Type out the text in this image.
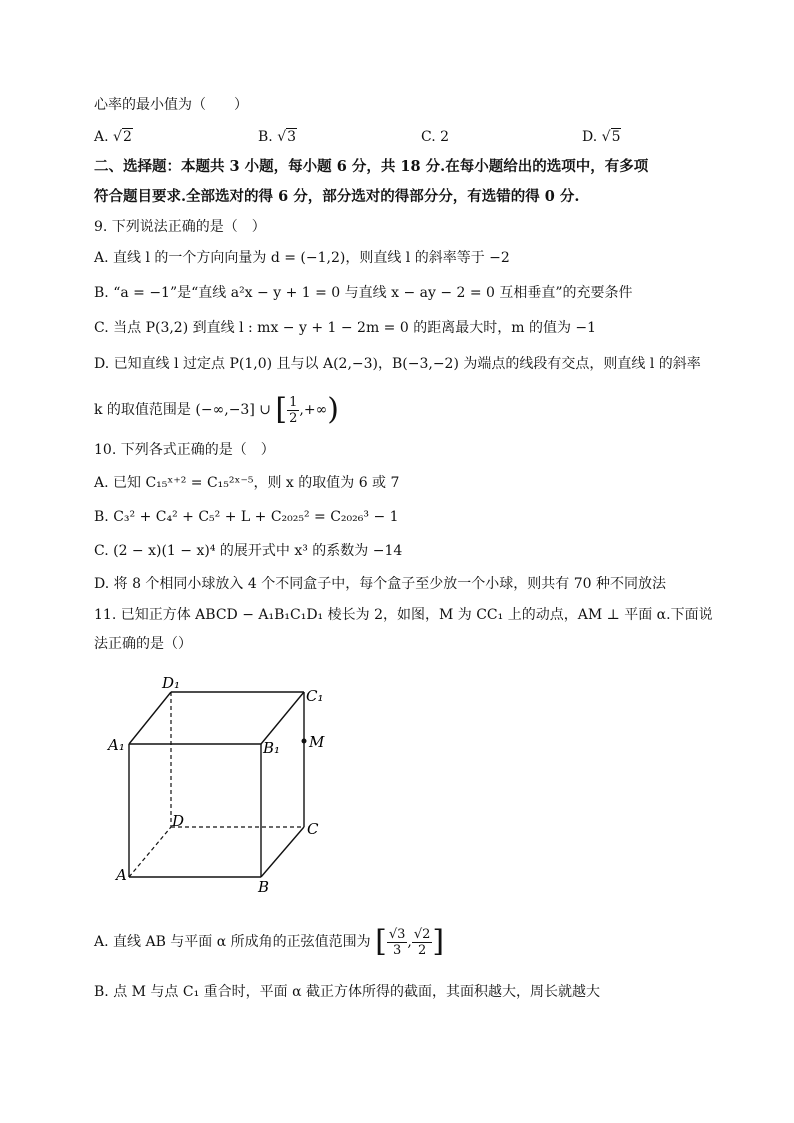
心率的最小值为（　　）
A. √2	B. √3	C. 2	D. √5
二、选择题：本题共 3 小题，每小题 6 分，共 18 分.在每小题给出的选项中，有多项
符合题目要求.全部选对的得 6 分，部分选对的得部分分，有选错的得 0 分.
9. 下列说法正确的是（　）
A. 直线 l 的一个方向向量为 d = (−1,2)，则直线 l 的斜率等于 −2
B. “a = −1”是“直线 a²x − y + 1 = 0 与直线 x − ay − 2 = 0 互相垂直”的充要条件
C. 当点 P(3,2) 到直线 l : mx − y + 1 − 2m = 0 的距离最大时，m 的值为 −1
D. 已知直线 l 过定点 P(1,0) 且与以 A(2,−3)，B(−3,−2) 为端点的线段有交点，则直线 l 的斜率
k 的取值范围是 (−∞,−3] ∪ [ $\frac{1}{2}$ ,+∞)
10. 下列各式正确的是（　）
A. 已知 C₁₅ˣ⁺² = C₁₅²ˣ⁻⁵，则 x 的取值为 6 或 7
B. C₃² + C₄² + C₅² + L + C₂₀₂₅² = C₂₀₂₆³ − 1
C. (2 − x)(1 − x)⁴ 的展开式中 x³ 的系数为 −14
D. 将 8 个相同小球放入 4 个不同盒子中，每个盒子至少放一个小球，则共有 70 种不同放法
11. 已知正方体 ABCD − A₁B₁C₁D₁ 棱长为 2，如图，M 为 CC₁ 上的动点，AM ⊥ 平面 α.下面说
法正确的是（）
D₁
C₁
A₁	B₁ M
D	C
A
B
A. 直线 AB 与平面 α 所成角的正弦值范围为 [ $\frac{√3}{3}$ , $\frac{√2}{2}$ ]
B. 点 M 与点 C₁ 重合时，平面 α 截正方体所得的截面，其面积越大，周长就越大
